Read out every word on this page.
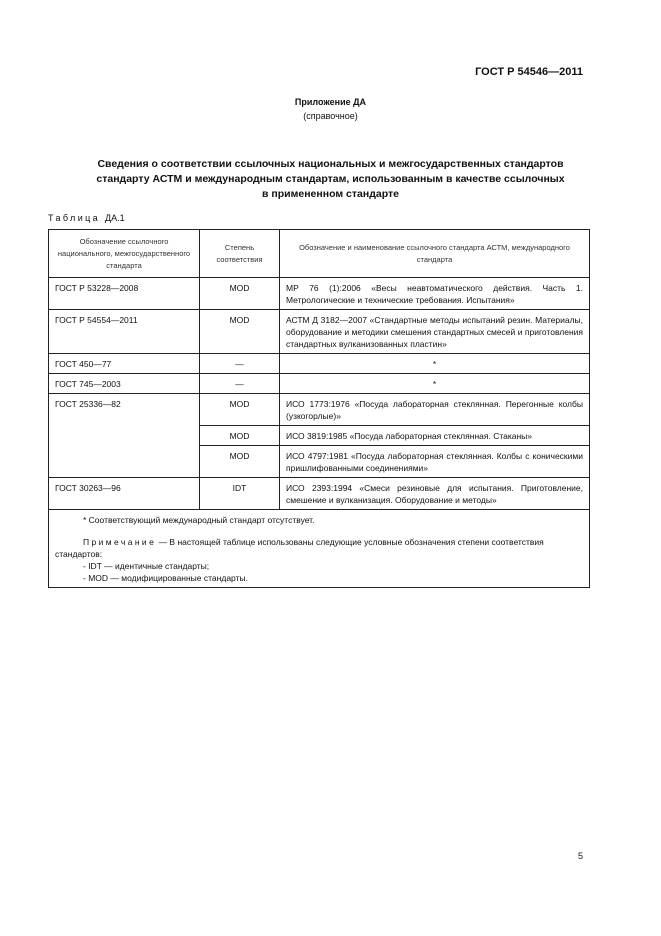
ГОСТ Р 54546—2011
Приложение ДА
(справочное)
Сведения о соответствии ссылочных национальных и межгосударственных стандартов
стандарту АСТМ и международным стандартам, использованным в качестве ссылочных
в примененном стандарте
Таблица ДА.1
Обозначение ссылочного национального, межгосударственного стандарта	Степень соответствия	Обозначение и наименование ссылочного стандарта АСТМ, международного стандарта
ГОСТ Р 53228—2008	MOD	МР 76 (1):2006 «Весы неавтоматического действия. Часть 1. Метрологические и технические требования. Испытания»
ГОСТ Р 54554—2011	MOD	АСТМ Д 3182—2007 «Стандартные методы испытаний резин. Материалы, оборудование и методики смешения стандартных смесей и приготовления стандартных вулканизованных пластин»
ГОСТ 450—77	—	*
ГОСТ 745—2003	—	*
ГОСТ 25336—82	MOD	ИСО 1773:1976 «Посуда лабораторная стеклянная. Перегонные колбы (узкогорлые)»
	MOD	ИСО 3819:1985 «Посуда лабораторная стеклянная. Стаканы»
	MOD	ИСО 4797:1981 «Посуда лабораторная стеклянная. Колбы с коническими пришлифованными соединениями»
ГОСТ 30263—96	IDT	ИСО 2393:1994 «Смеси резиновые для испытания. Приготовление, смешение и вулканизация. Оборудование и методы»

* Соответствующий международный стандарт отсутствует.

Примечание — В настоящей таблице использованы следующие условные обозначения степени соответствия стандартов:

- IDT — идентичные стандарты;

- MOD — модифицированные стандарты.		

5
